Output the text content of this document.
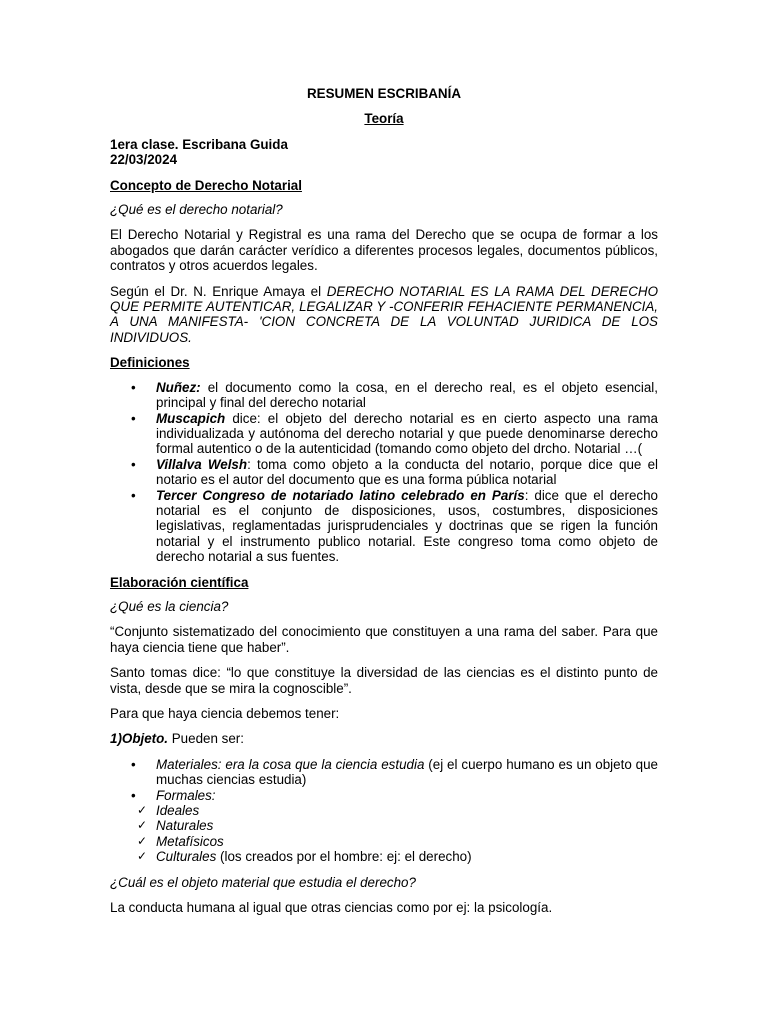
RESUMEN ESCRIBANÍA
Teoría
1era clase. Escribana Guida
22/03/2024
Concepto de Derecho Notarial

¿Qué es el derecho notarial?

El Derecho Notarial y Registral es una rama del Derecho que se ocupa de formar a los abogados que darán carácter verídico a diferentes procesos legales, documentos públicos, contratos y otros acuerdos legales.

Según el Dr. N. Enrique Amaya el DERECHO NOTARIAL ES LA RAMA DEL DERECHO QUE PERMITE AUTENTICAR, LEGALIZAR Y -CONFERIR FEHACIENTE PERMANENCIA, A UNA MANIFESTA- 'CION CONCRETA DE LA VOLUNTAD JURIDICA DE LOS INDIVIDUOS.

Definiciones
•	Nuñez: el documento como la cosa, en el derecho real, es el objeto esencial, principal y final del derecho notarial
•	Muscapich dice: el objeto del derecho notarial es en cierto aspecto una rama individualizada y autónoma del derecho notarial y que puede denominarse derecho formal autentico o de la autenticidad (tomando como objeto del drcho. Notarial …(
•	Villalva Welsh: toma como objeto a la conducta del notario, porque dice que el notario es el autor del documento que es una forma pública notarial
•	Tercer Congreso de notariado latino celebrado en París: dice que el derecho notarial es el conjunto de disposiciones, usos, costumbres, disposiciones legislativas, reglamentadas jurisprudenciales y doctrinas que se rigen la función notarial y el instrumento publico notarial. Este congreso toma como objeto de derecho notarial a sus fuentes.
Elaboración científica

¿Qué es la ciencia?

“Conjunto sistematizado del conocimiento que constituyen a una rama del saber. Para que haya ciencia tiene que haber”.

Santo tomas dice: “lo que constituye la diversidad de las ciencias es el distinto punto de vista, desde que se mira la cognoscible”.

Para que haya ciencia debemos tener:

1)Objeto. Pueden ser:

•	Materiales: era la cosa que la ciencia estudia (ej el cuerpo humano es un objeto que muchas ciencias estudia)
•	Formales:
✓ Ideales
✓ Naturales
✓ Metafísicos
✓ Culturales (los creados por el hombre: ej: el derecho)

¿Cuál es el objeto material que estudia el derecho?

La conducta humana al igual que otras ciencias como por ej: la psicología.
